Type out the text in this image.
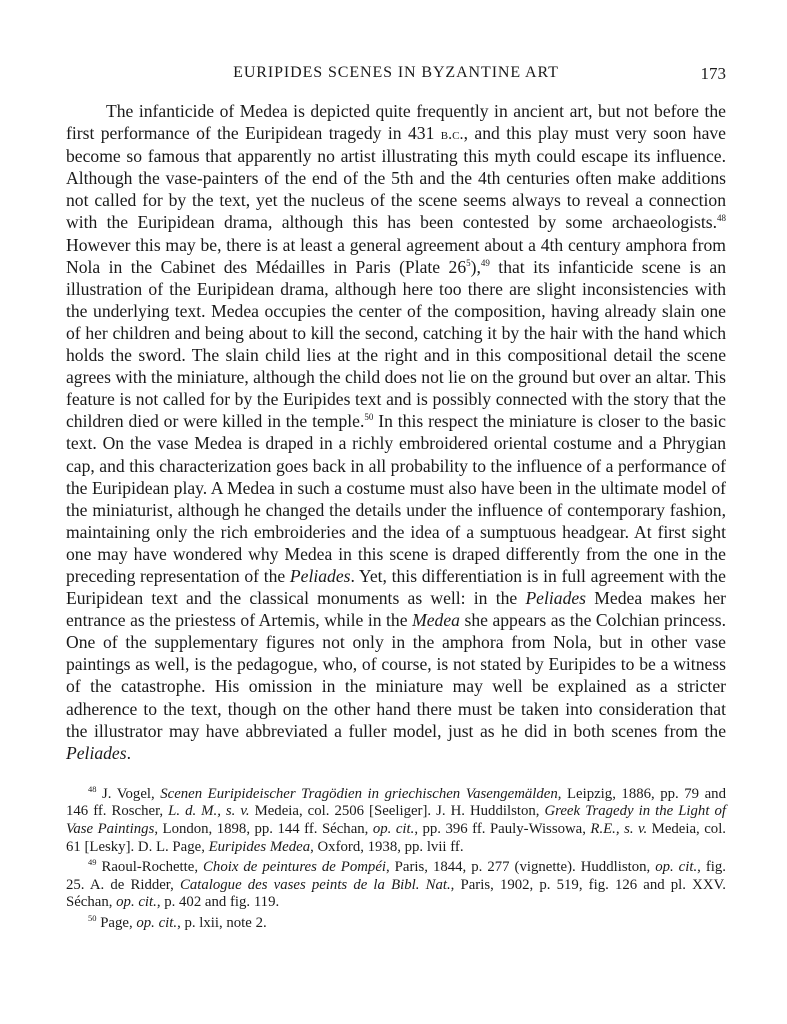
EURIPIDES SCENES IN BYZANTINE ART	173

The infanticide of Medea is depicted quite frequently in ancient art, but not before the first performance of the Euripidean tragedy in 431 b.c., and this play must very soon have become so famous that apparently no artist illustrating this myth could escape its influence. Although the vase-painters of the end of the 5th and the 4th centuries often make additions not called for by the text, yet the nucleus of the scene seems always to reveal a connection with the Euripidean drama, although this has been contested by some archaeologists.$^{48}$ However this may be, there is at least a general agreement about a 4th century amphora from Nola in the Cabinet des Médailles in Paris (Plate $26^5),^{49}$ that its infanticide scene is an illustration of the Euripidean drama, although here too there are slight inconsistencies with the underlying text. Medea occupies the center of the composition, having already slain one of her children and being about to kill the second, catching it by the hair with the hand which holds the sword. The slain child lies at the right and in this compositional detail the scene agrees with the miniature, although the child does not lie on the ground but over an altar. This feature is not called for by the Euripides text and is possibly connected with the story that the children died or were killed in the temple.$^{50}$ In this respect the miniature is closer to the basic text. On the vase Medea is draped in a richly embroidered oriental costume and a Phrygian cap, and this characterization goes back in all probability to the influence of a performance of the Euripidean play. A Medea in such a costume must also have been in the ultimate model of the miniaturist, although he changed the details under the influence of contemporary fashion, maintaining only the rich embroideries and the idea of a sumptuous headgear. At first sight one may have wondered why Medea in this scene is draped differently from the one in the preceding representation of the Peliades. Yet, this differentiation is in full agreement with the Euripidean text and the classical monuments as well: in the Peliades Medea makes her entrance as the priestess of Artemis, while in the Medea she appears as the Colchian princess. One of the supplementary figures not only in the amphora from Nola, but in other vase paintings as well, is the pedagogue, who, of course, is not stated by Euripides to be a witness of the catastrophe. His omission in the miniature may well be explained as a stricter adherence to the text, though on the other hand there must be taken into consideration that the illustrator may have abbreviated a fuller model, just as he did in both scenes from the Peliades.

$^{48}$ J. Vogel, Scenen Euripideischer Tragödien in griechischen Vasengemälden, Leipzig, 1886, pp. 79 and 146 ff. Roscher, L. d. M., s. v. Medeia, col. 2506 [Seeliger]. J. H. Huddilston, Greek Tragedy in the Light of Vase Paintings, London, 1898, pp. 144 ff. Séchan, op. cit., pp. 396 ff. Pauly-Wissowa, R.E., s. v. Medeia, col. 61 [Lesky]. D. L. Page, Euripides Medea, Oxford, 1938, pp. lvii ff.

$^{49}$ Raoul-Rochette, Choix de peintures de Pompéi, Paris, 1844, p. 277 (vignette). Huddliston, op. cit., fig. 25. A. de Ridder, Catalogue des vases peints de la Bibl. Nat., Paris, 1902, p. 519, fig. 126 and pl. XXV. Séchan, op. cit., p. 402 and fig. 119.

$^{50}$ Page, op. cit., p. lxii, note 2.
